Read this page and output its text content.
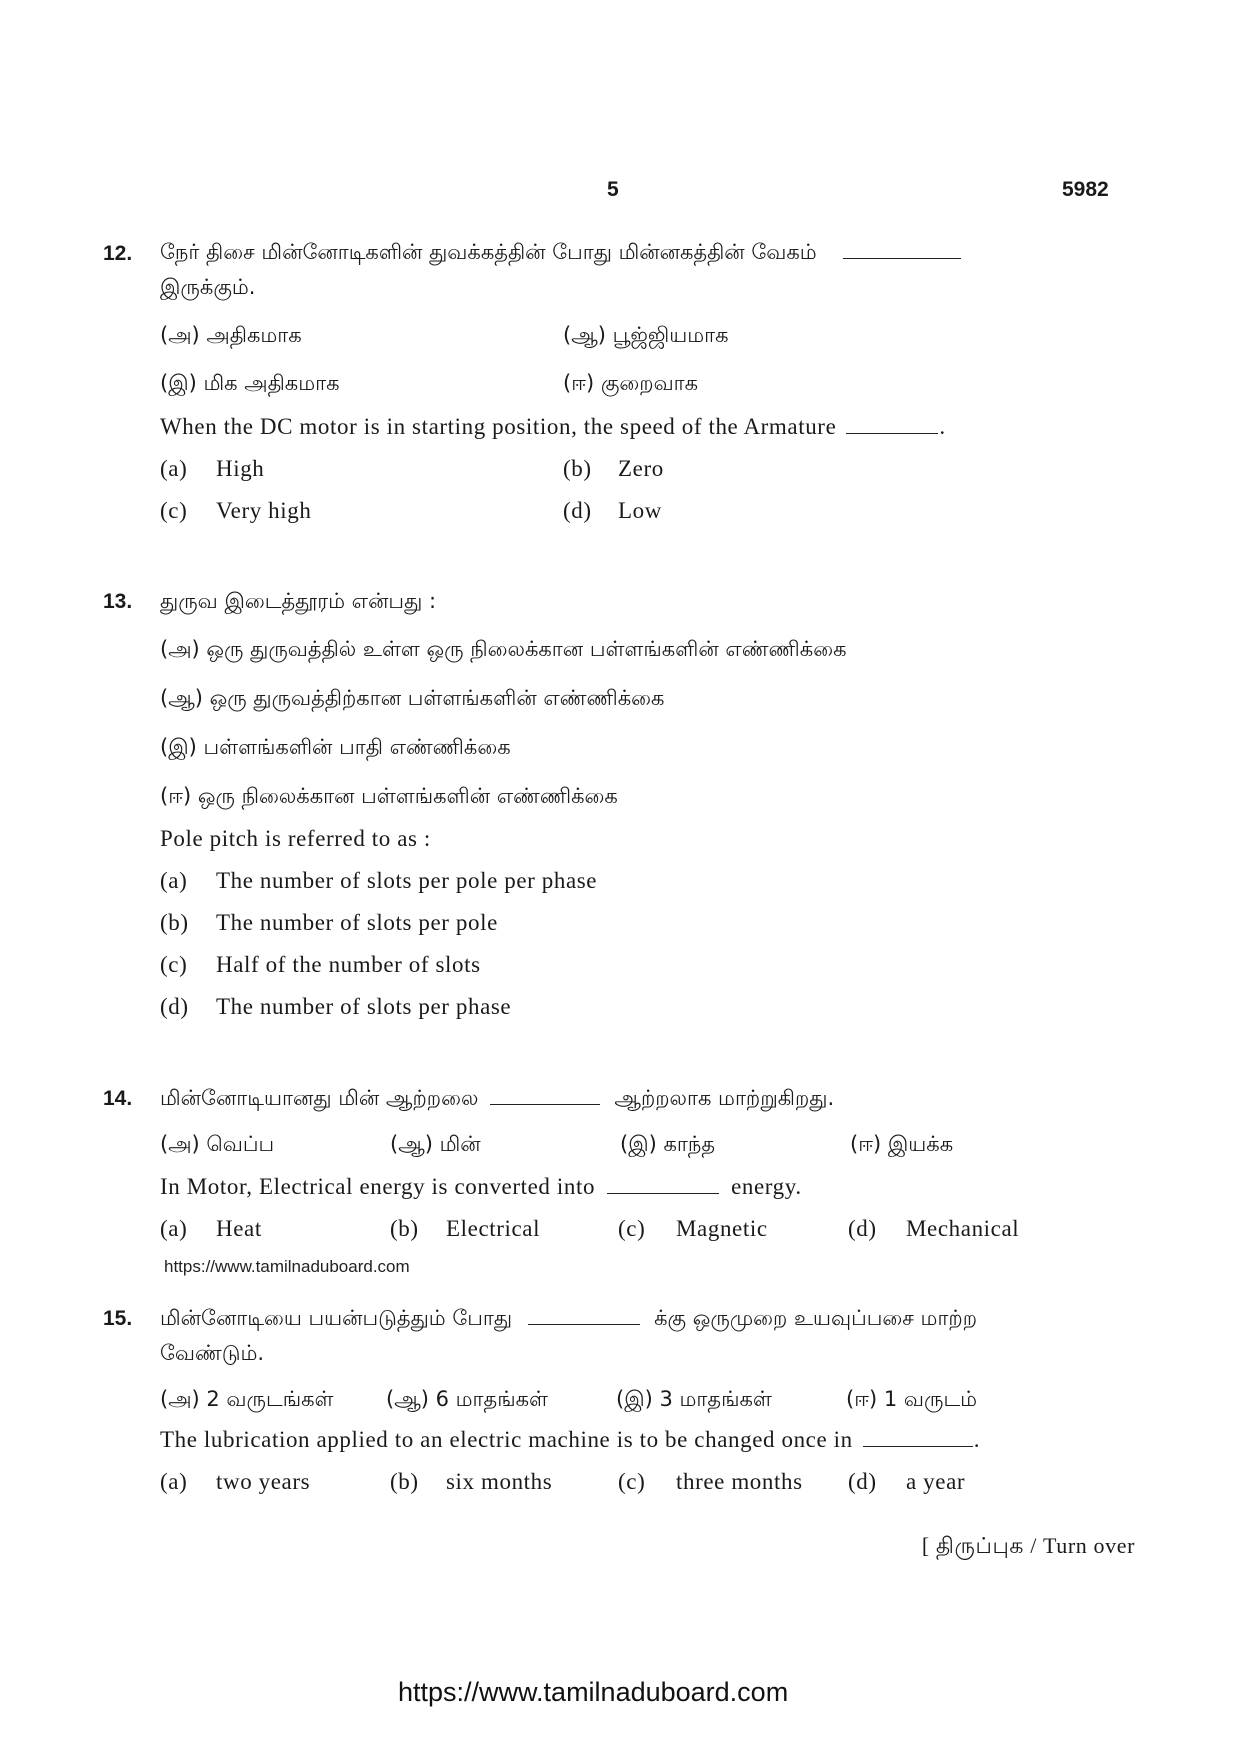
5	5982
12. நேர் திசை மின்னோடிகளின் துவக்கத்தின் போது மின்னகத்தின் வேகம்
இருக்கும்.
(அ) அதிகமாக	(ஆ) பூஜ்ஜியமாக
(இ) மிக அதிகமாக	(ஈ) குறைவாக
When the DC motor is in starting position, the speed of the Armature	.
(a) High	(b) Zero
(c) Very high	(d) Low
13. துருவ இடைத்தூரம் என்பது :
(அ) ஒரு துருவத்தில் உள்ள ஒரு நிலைக்கான பள்ளங்களின் எண்ணிக்கை
(ஆ) ஒரு துருவத்திற்கான பள்ளங்களின் எண்ணிக்கை
(இ) பள்ளங்களின் பாதி எண்ணிக்கை
(ஈ) ஒரு நிலைக்கான பள்ளங்களின் எண்ணிக்கை
Pole pitch is referred to as :
(a) The number of slots per pole per phase
(b) The number of slots per pole
(c) Half of the number of slots
(d) The number of slots per phase
14. மின்னோடியானது மின் ஆற்றலை	ஆற்றலாக மாற்றுகிறது.
(அ) வெப்ப	(ஆ) மின்	(இ) காந்த	(ஈ) இயக்க
In Motor, Electrical energy is converted into	energy.
(a) Heat	(b) Electrical	(c) Magnetic	(d) Mechanical
https://www.tamilnaduboard.com
15. மின்னோடியை பயன்படுத்தும் போது	க்கு ஒருமுறை உயவுப்பசை மாற்ற
வேண்டும்.
(அ) 2 வருடங்கள்	(ஆ) 6 மாதங்கள்	(இ) 3 மாதங்கள்	(ஈ) 1 வருடம்
The lubrication applied to an electric machine is to be changed once in	.
(a) two years	(b) six months	(c) three months (d) a year
[ திருப்புக / Turn over
https://www.tamilnaduboard.com
